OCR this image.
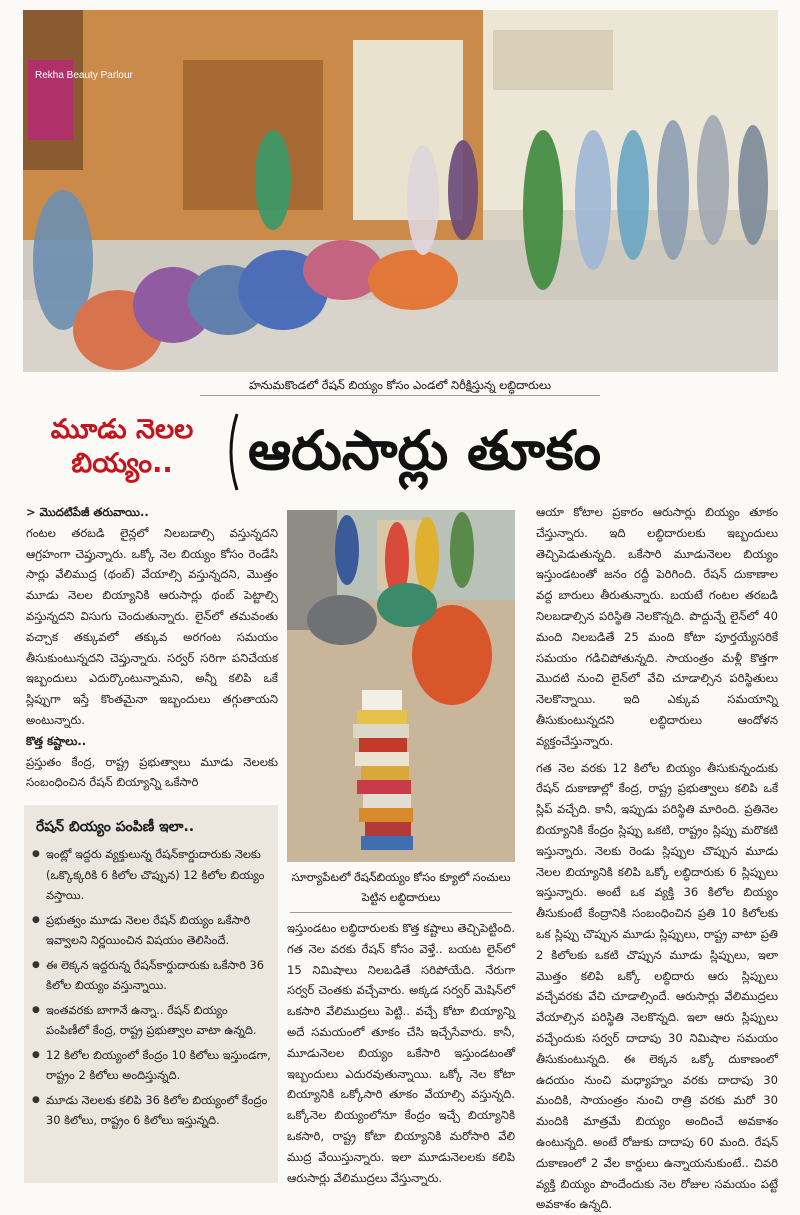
Rekha Beauty Parlour
హనుమకొండలో రేషన్ బియ్యం కోసం ఎండలో నిరీక్షిస్తున్న లబ్ధిదారులు
మూడు నెలల బియ్యం..	ఆరుసార్లు తూకం

> మొదటిపేజీ తరువాయి..

గంటల తరబడి లైన్లలో నిలబడాల్సి వస్తున్నదని ఆగ్రహంగా చెప్తున్నారు. ఒక్కో నెల బియ్యం కోసం రెండేసి సార్లు వేలిముద్ర (థంబ్) వేయాల్సి వస్తున్నదని, మొత్తం మూడు నెలల బియ్యానికి ఆరుసార్లు థంబ్ పెట్టాల్సి వస్తున్నదని విసుగు చెందుతున్నారు. లైన్‌లో తమవంతు వచ్చాక తక్కువలో తక్కువ అరగంట సమయం తీసుకుంటున్నదని చెప్తున్నారు. సర్వర్ సరిగా పనిచేయక ఇబ్బందులు ఎదుర్కొంటున్నామని, అన్నీ కలిపి ఒకే స్లిప్పుగా ఇస్తే కొంతమైనా ఇబ్బందులు తగ్గుతాయని అంటున్నారు.

కొత్త కష్టాలు..

ప్రస్తుతం కేంద్ర, రాష్ట్ర ప్రభుత్వాలు మూడు నెలలకు సంబంధించిన రేషన్ బియ్యాన్ని ఒకేసారి

రేషన్ బియ్యం పంపిణీ ఇలా..
● ఇంట్లో ఇద్దరు వ్యక్తులున్న రేషన్‌కార్డుదారుకు నెలకు (ఒక్కొక్కరికి 6 కిలోల చొప్పున) 12 కిలోల బియ్యం వస్తాయి.
● ప్రభుత్వం మూడు నెలల రేషన్ బియ్యం ఒకేసారి ఇవ్వాలని నిర్ణయించిన విషయం తెలిసిందే.
● ఈ లెక్కన ఇద్దరున్న రేషన్‌కార్డుదారుకు ఒకేసారి 36 కిలోల బియ్యం వస్తున్నాయి.
● ఇంతవరకు బాగానే ఉన్నా.. రేషన్ బియ్యం పంపిణీలో కేంద్ర, రాష్ట్ర ప్రభుత్వాల వాటా ఉన్నది.
● 12 కిలోల బియ్యంలో కేంద్రం 10 కిలోలు ఇస్తుండగా, రాష్ట్రం 2 కిలోలు అందిస్తున్నది.
● మూడు నెలలకు కలిపి 36 కిలోల బియ్యంలో కేంద్రం 30 కిలోలు, రాష్ట్రం 6 కిలోలు ఇస్తున్నది.
సూర్యాపేటలో రేషన్‌బియ్యం కోసం క్యూలో సంచులు పెట్టిన లబ్ధిదారులు

ఇస్తుండటం లబ్ధిదారులకు కొత్త కష్టాలు తెచ్చిపెట్టింది. గత నెల వరకు రేషన్ కోసం వెళ్తే.. బయట లైన్‌లో 15 నిమిషాలు నిలబడితే సరిపోయేది. నేరుగా సర్వర్ చెంతకు వచ్చేవారు. అక్కడ సర్వర్ మెషిన్‌లో ఒకసారి వేలిముద్రలు పెట్టి.. వచ్చే కోటా బియ్యాన్ని అదే సమయంలో తూకం చేసి ఇచ్చేసేవారు. కానీ, మూడునెలల బియ్యం ఒకేసారి ఇస్తుండటంతో ఇబ్బందులు ఎదురవుతున్నాయి. ఒక్కో నెల కోటా బియ్యానికి ఒక్కోసారి తూకం వేయాల్సి వస్తున్నది. ఒక్కోనెల బియ్యంలోనూ కేంద్రం ఇచ్చే బియ్యానికి ఒకసారి, రాష్ట్ర కోటా బియ్యానికి మరోసారి వేలి ముద్ర వేయిస్తున్నారు. ఇలా మూడునెలలకు కలిపి ఆరుసార్లు వేలిముద్రలు వేస్తున్నారు.

ఆయా కోటాల ప్రకారం ఆరుసార్లు బియ్యం తూకం చేస్తున్నారు. ఇది లబ్ధిదారులకు ఇబ్బందులు తెచ్చిపెడుతున్నది. ఒకేసారి మూడునెలల బియ్యం ఇస్తుండటంతో జనం రద్దీ పెరిగింది. రేషన్ దుకాణాల వద్ద బారులు తీరుతున్నారు. బయటే గంటల తరబడి నిలబడాల్సిన పరిస్థితి నెలకొన్నది. పొద్దున్నే లైన్‌లో 40 మంది నిలబడితే 25 మంది కోటా పూర్తయ్యేసరికే సమయం గడిచిపోతున్నది. సాయంత్రం మళ్లీ కొత్తగా మొదటి నుంచి లైన్‌లో వేచి చూడాల్సిన పరిస్థితులు నెలకొన్నాయి. ఇది ఎక్కువ సమయాన్ని తీసుకుంటున్నదని లబ్ధిదారులు ఆందోళన వ్యక్తంచేస్తున్నారు.

గత నెల వరకు 12 కిలోల బియ్యం తీసుకున్నందుకు రేషన్ దుకాణాల్లో కేంద్ర, రాష్ట్ర ప్రభుత్వాలు కలిపి ఒకే స్లిప్ వచ్చేది. కానీ, ఇప్పుడు పరిస్థితి మారింది. ప్రతినెల బియ్యానికి కేంద్రం స్లిప్పు ఒకటి, రాష్ట్రం స్లిప్పు మరొకటి ఇస్తున్నారు. నెలకు రెండు స్లిప్పుల చొప్పున మూడు నెలల బియ్యానికి కలిపి ఒక్కో లబ్ధిదారుకు 6 స్లిప్పులు ఇస్తున్నారు. అంటే ఒక వ్యక్తి 36 కిలోల బియ్యం తీసుకుంటే కేంద్రానికి సంబంధించిన ప్రతి 10 కిలోలకు ఒక స్లిప్పు చొప్పున మూడు స్లిప్పులు, రాష్ట్ర వాటా ప్రతి 2 కిలోలకు ఒకటి చొప్పున మూడు స్లిప్పులు, ఇలా మొత్తం కలిపి ఒక్కో లబ్ధిదారు ఆరు స్లిప్పులు వచ్చేవరకు వేచి చూడాల్సిందే. ఆరుసార్లు వేలిముద్రలు వేయాల్సిన పరిస్థితి నెలకొన్నది. ఇలా ఆరు స్లిప్పులు వచ్చేందుకు సర్వర్ దాదాపు 30 నిమిషాల సమయం తీసుకుంటున్నది. ఈ లెక్కన ఒక్కో దుకాణంలో ఉదయం నుంచి మధ్యాహ్నం వరకు దాదాపు 30 మందికి, సాయంత్రం నుంచి రాత్రి వరకు మరో 30 మందికి మాత్రమే బియ్యం అందించే అవకాశం ఉంటున్నది. అంటే రోజుకు దాదాపు 60 మంది. రేషన్ దుకాణంలో 2 వేల కార్డులు ఉన్నాయనుకుంటే.. చివరి వ్యక్తి బియ్యం పొందేందుకు నెల రోజుల సమయం పట్టే అవకాశం ఉన్నది.
